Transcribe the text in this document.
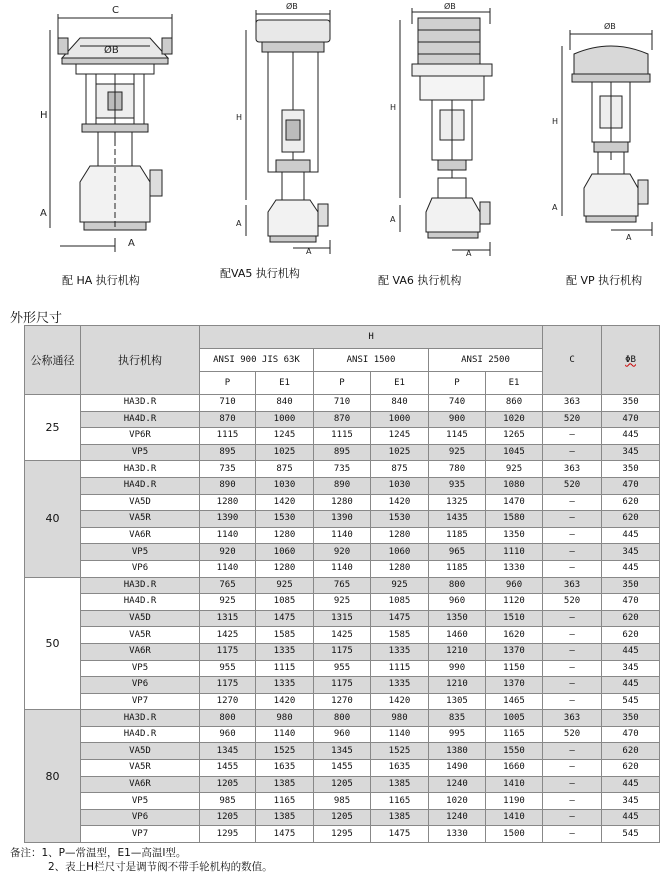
C
ØB
H
A
A
ØB
H
A
A
ØB
H
A
A
ØB
H
A
A
配 HA 执行机构
配VA5 执行机构
配 VA6 执行机构	配 VP 执行机构
外形尺寸
公称通径	执行机构	H						C	ΦB
		ANSI 900 JIS 63K		ANSI 1500		ANSI 2500			
		P	E1	P	E1	P	E1		
25	HA3D.R	710	840	710	840	740	860	363	350
	HA4D.R	870	1000	870	1000	900	1020	520	470
	VP6R	1115	1245	1115	1245	1145	1265	–	445
	VP5	895	1025	895	1025	925	1045	–	345
40	HA3D.R	735	875	735	875	780	925	363	350
	HA4D.R	890	1030	890	1030	935	1080	520	470
	VA5D	1280	1420	1280	1420	1325	1470	–	620
	VA5R	1390	1530	1390	1530	1435	1580	–	620
	VA6R	1140	1280	1140	1280	1185	1350	–	445
	VP5	920	1060	920	1060	965	1110	–	345
	VP6	1140	1280	1140	1280	1185	1330	–	445
50	HA3D.R	765	925	765	925	800	960	363	350
	HA4D.R	925	1085	925	1085	960	1120	520	470
	VA5D	1315	1475	1315	1475	1350	1510	–	620
	VA5R	1425	1585	1425	1585	1460	1620	–	620
	VA6R	1175	1335	1175	1335	1210	1370	–	445
	VP5	955	1115	955	1115	990	1150	–	345
	VP6	1175	1335	1175	1335	1210	1370	–	445
	VP7	1270	1420	1270	1420	1305	1465	–	545
80	HA3D.R	800	980	800	980	835	1005	363	350
	HA4D.R	960	1140	960	1140	995	1165	520	470
	VA5D	1345	1525	1345	1525	1380	1550	–	620
	VA5R	1455	1635	1455	1635	1490	1660	–	620
	VA6R	1205	1385	1205	1385	1240	1410	–	445
	VP5	985	1165	985	1165	1020	1190	–	345
	VP6	1205	1385	1205	1385	1240	1410	–	445
	VP7	1295	1475	1295	1475	1330	1500	–	545
备注：1、P—常温型，E1—高温Ⅰ型。
2、表上H栏尺寸是调节阀不带手轮机构的数值。
